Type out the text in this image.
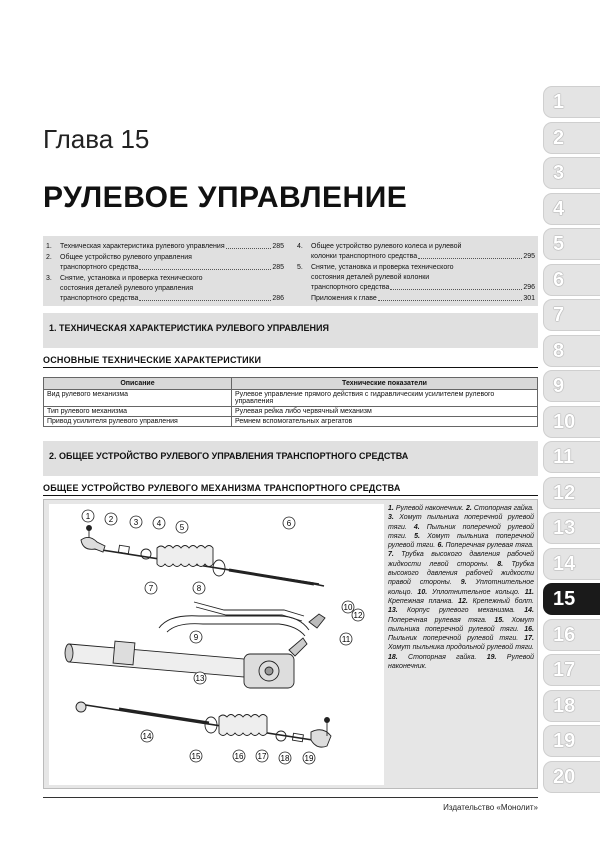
1
2
3
4
5
6
7
8
9
10
11
12
13
14
15
16
17
18
19
20
Глава 15
РУЛЕВОЕ УПРАВЛЕНИЕ
1.	Техническая характеристика рулевого управления	285
2.	Общее устройство рулевого управления
транспортного средства	285
3.	Снятие, установка и проверка технического
состояния деталей рулевого управления
транспортного средства	286
4.	Общее устройство рулевого колеса и рулевой
колонки транспортного средства	295
5.	Снятие, установка и проверка технического
состояния деталей рулевой колонки
транспортного средства	296
Приложения к главе	301
1. ТЕХНИЧЕСКАЯ ХАРАКТЕРИСТИКА РУЛЕВОГО УПРАВЛЕНИЯ
ОСНОВНЫЕ ТЕХНИЧЕСКИЕ ХАРАКТЕРИСТИКИ
Описание	Технические показатели
Вид рулевого механизма	Рулевое управление прямого действия с гидравлическим усилителем рулевого управления
Тип рулевого механизма	Рулевая рейка либо червячный механизм
Привод усилителя рулевого управления	Ремнем вспомогательных агрегатов
2. ОБЩЕЕ УСТРОЙСТВО РУЛЕВОГО УПРАВЛЕНИЯ ТРАНСПОРТНОГО СРЕДСТВА
ОБЩЕЕ УСТРОЙСТВО РУЛЕВОГО МЕХАНИЗМА ТРАНСПОРТНОГО СРЕДСТВА
1 2	3 4 5	6
7	8
9
10
11
12
13
14
15	16 17 18 19
1. Рулевой наконечник. 2. Стопорная гайка. 3. Хомут пыльника поперечной рулевой тяги. 4. Пыльник поперечной рулевой тяги. 5. Хомут пыльника поперечной рулевой тяги. 6. Поперечная рулевая тяга. 7. Трубка высокого давления рабочей жидкости левой стороны. 8. Трубка высокого давления рабочей жидкости правой стороны. 9. Уплотнительное кольцо. 10. Уплотнительное кольцо. 11. Крепежная планка. 12. Крепежный болт. 13. Корпус рулевого механизма. 14. Поперечная рулевая тяга. 15. Хомут пыльника поперечной рулевой тяги. 16. Пыльник поперечной рулевой тяги. 17. Хомут пыльника продольной рулевой тяги. 18. Стопорная гайка. 19. Рулевой наконечник.
Издательство «Монолит»
